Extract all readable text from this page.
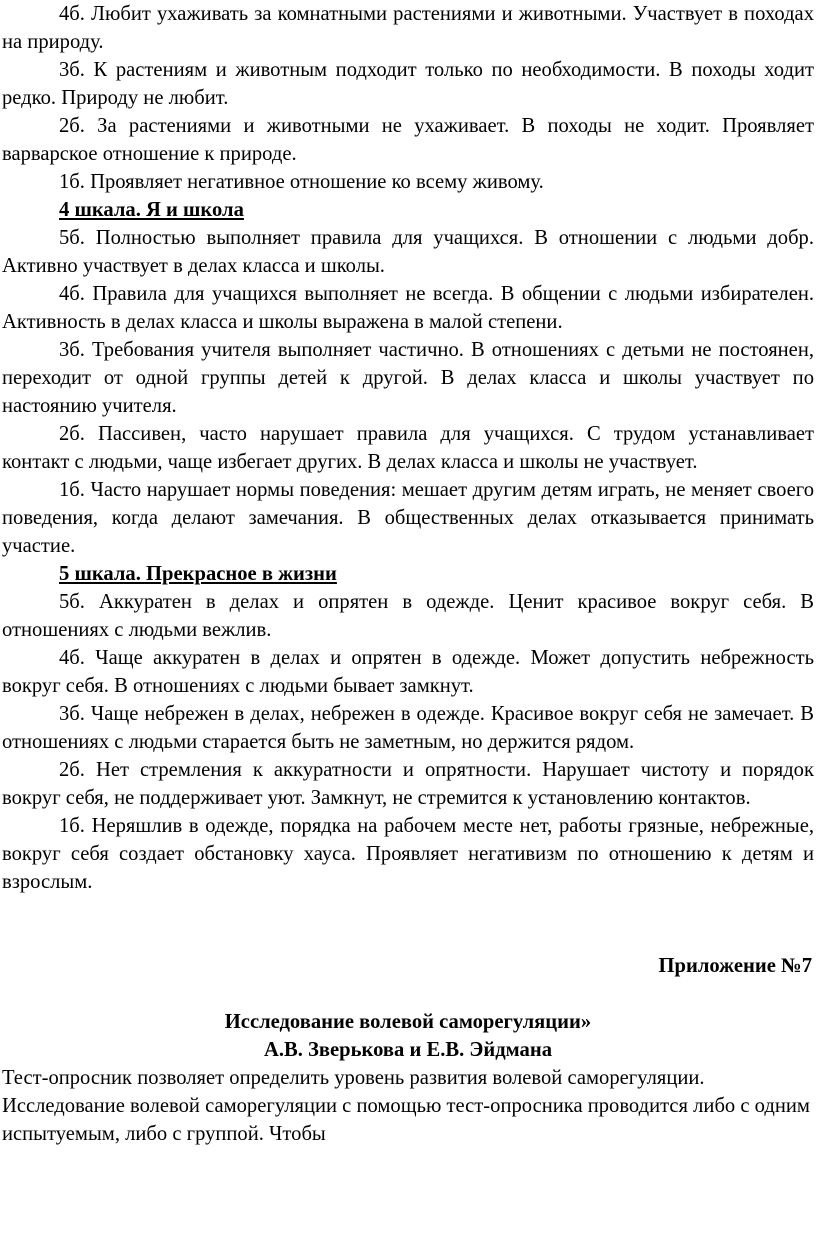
4б. Любит ухаживать за комнатными растениями и животными. Участвует в походах на природу.

3б. К растениям и животным подходит только по необходимости. В походы ходит редко. Природу не любит.

2б. За растениями и животными не ухаживает. В походы не ходит. Проявляет варварское отношение к природе.

1б. Проявляет негативное отношение ко всему живому.

4 шкала. Я и школа

5б. Полностью выполняет правила для учащихся. В отношении с людьми добр. Активно участвует в делах класса и школы.

4б. Правила для учащихся выполняет не всегда. В общении с людьми избирателен. Активность в делах класса и школы выражена в малой степени.

3б. Требования учителя выполняет частично. В отношениях с детьми не постоянен, переходит от одной группы детей к другой. В делах класса и школы участвует по настоянию учителя.

2б. Пассивен, часто нарушает правила для учащихся. С трудом устанавливает контакт с людьми, чаще избегает других. В делах класса и школы не участвует.

1б. Часто нарушает нормы поведения: мешает другим детям играть, не меняет своего поведения, когда делают замечания. В общественных делах отказывается принимать участие.

5 шкала. Прекрасное в жизни

5б. Аккуратен в делах и опрятен в одежде. Ценит красивое вокруг себя. В отношениях с людьми вежлив.

4б. Чаще аккуратен в делах и опрятен в одежде. Может допустить небрежность вокруг себя. В отношениях с людьми бывает замкнут.

3б. Чаще небрежен в делах, небрежен в одежде. Красивое вокруг себя не замечает. В отношениях с людьми старается быть не заметным, но держится рядом.

2б. Нет стремления к аккуратности и опрятности. Нарушает чистоту и порядок вокруг себя, не поддерживает уют. Замкнут, не стремится к установлению контактов.

1б. Неряшлив в одежде, порядка на рабочем месте нет, работы грязные, небрежные, вокруг себя создает обстановку хауса. Проявляет негативизм по отношению к детям и взрослым.

Приложение №7

Исследование волевой саморегуляции»

А.В. Зверькова и Е.В. Эйдмана

Тест-опросник позволяет определить уровень развития волевой саморегуляции. Исследование волевой саморегуляции с помощью тест-опросника проводится либо с одним испытуемым, либо с группой. Чтобы
